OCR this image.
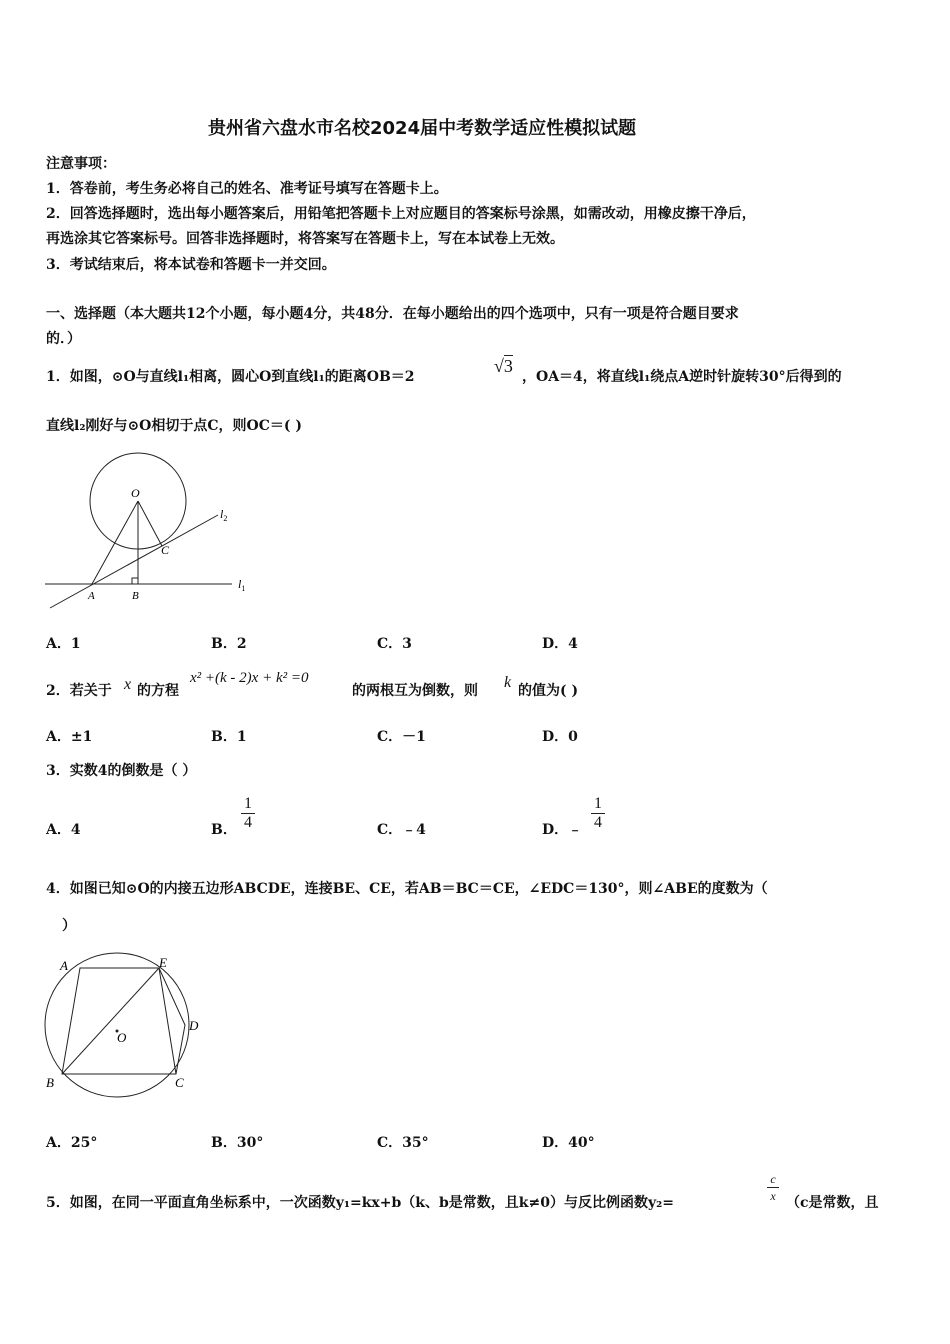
贵州省六盘水市名校2024届中考数学适应性模拟试题
注意事项：
1．答卷前，考生务必将自己的姓名、准考证号填写在答题卡上。
2．回答选择题时，选出每小题答案后，用铅笔把答题卡上对应题目的答案标号涂黑，如需改动，用橡皮擦干净后，
再选涂其它答案标号。回答非选择题时，将答案写在答题卡上，写在本试卷上无效。
3．考试结束后，将本试卷和答题卡一并交回。
一、选择题（本大题共12个小题，每小题4分，共48分．在每小题给出的四个选项中，只有一项是符合题目要求
的．）
1．如图，⊙O与直线l₁相离，圆心O到直线l₁的距离OB＝2
√3
，OA＝4，将直线l₁绕点A逆时针旋转30°后得到的
直线l₂刚好与⊙O相切于点C，则OC＝( )
O
C
A	B
$l_1$
$l_2$
A．1	B．2	C．3	D．4
2．若关于 x 的方程
x² +(k - 2)x + k² =0
的两根互为倒数，则 k 的值为( )
A．±1	B．1	C．－1	D．0
3．实数4的倒数是（ ）
A．4	B．
1
4	C．﹣4	D．﹣
1
4
4．如图已知⊙O的内接五边形ABCDE，连接BE、CE，若AB＝BC＝CE，∠EDC＝130°，则∠ABE的度数为（
）
A	E
D
C
B
O
A．25°	B．30°	C．35°	D．40°
5．如图，在同一平面直角坐标系中，一次函数y₁=kx+b（k、b是常数，且k≠0）与反比例函数y₂=
c
x （c是常数，且
